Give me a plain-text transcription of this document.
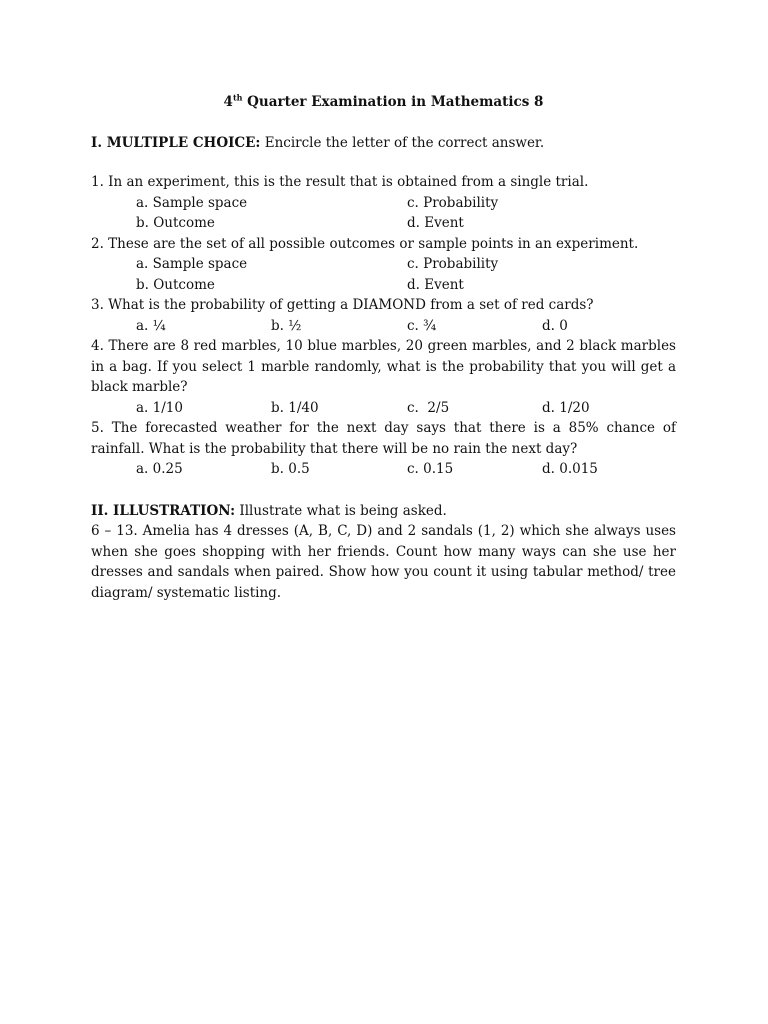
4th Quarter Examination in Mathematics 8

I. MULTIPLE CHOICE: Encircle the letter of the correct answer.

1. In an experiment, this is the result that is obtained from a single trial.

a. Sample space	c. Probability
b. Outcome	d. Event

2. These are the set of all possible outcomes or sample points in an experiment.

a. Sample space	c. Probability
b. Outcome	d. Event

3. What is the probability of getting a DIAMOND from a set of red cards?

a. ¼	b. ½	c. ¾	d. 0

4. There are 8 red marbles, 10 blue marbles, 20 green marbles, and 2 black marbles in a bag. If you select 1 marble randomly, what is the probability that you will get a black marble?

a. 1/10	b. 1/40	c.  2/5	d. 1/20

5. The forecasted weather for the next day says that there is a 85% chance of rainfall. What is the probability that there will be no rain the next day?

a. 0.25	b. 0.5	c. 0.15	d. 0.015

II. ILLUSTRATION: Illustrate what is being asked.

6 – 13. Amelia has 4 dresses (A, B, C, D) and 2 sandals (1, 2) which she always uses when she goes shopping with her friends. Count how many ways can she use her dresses and sandals when paired. Show how you count it using tabular method/ tree diagram/ systematic listing.
